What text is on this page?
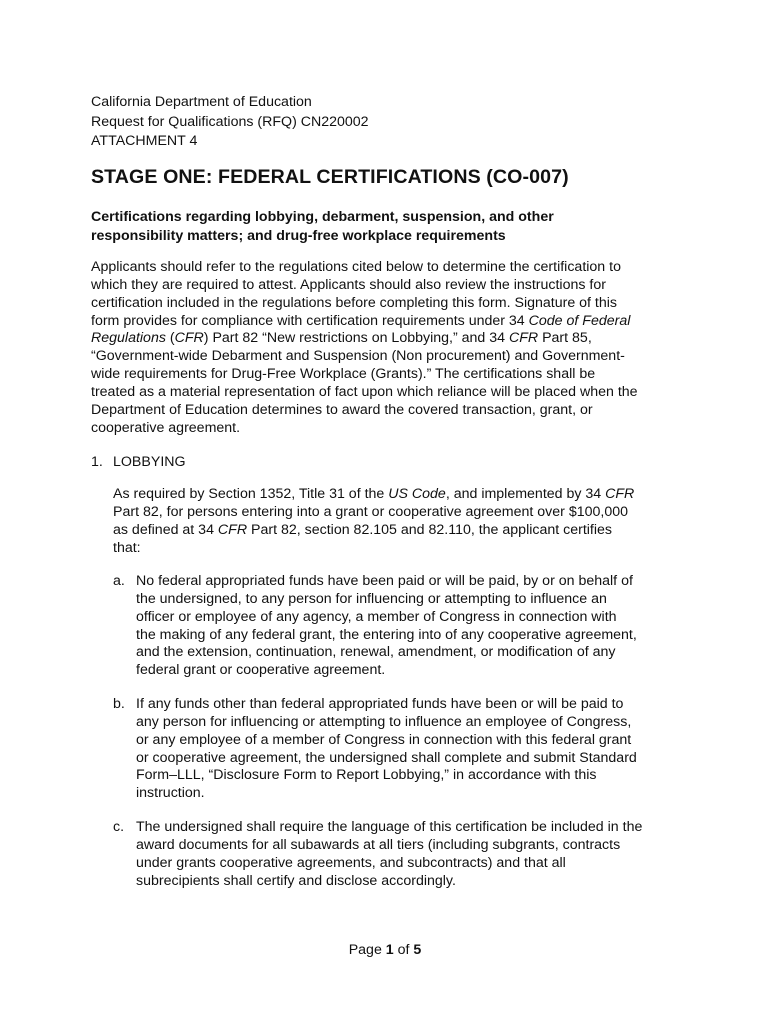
California Department of Education
Request for Qualifications (RFQ) CN220002
ATTACHMENT 4
STAGE ONE: FEDERAL CERTIFICATIONS (CO-007)
Certifications regarding lobbying, debarment, suspension, and other
responsibility matters; and drug-free workplace requirements
Applicants should refer to the regulations cited below to determine the certification to
which they are required to attest. Applicants should also review the instructions for
certification included in the regulations before completing this form. Signature of this
form provides for compliance with certification requirements under 34 Code of Federal
Regulations (CFR) Part 82 “New restrictions on Lobbying,” and 34 CFR Part 85,
“Government-wide Debarment and Suspension (Non procurement) and Government-
wide requirements for Drug-Free Workplace (Grants).” The certifications shall be
treated as a material representation of fact upon which reliance will be placed when the
Department of Education determines to award the covered transaction, grant, or
cooperative agreement.
1. LOBBYING
As required by Section 1352, Title 31 of the US Code, and implemented by 34 CFR
Part 82, for persons entering into a grant or cooperative agreement over $100,000
as defined at 34 CFR Part 82, section 82.105 and 82.110, the applicant certifies
that:
a. No federal appropriated funds have been paid or will be paid, by or on behalf of
the undersigned, to any person for influencing or attempting to influence an
officer or employee of any agency, a member of Congress in connection with
the making of any federal grant, the entering into of any cooperative agreement,
and the extension, continuation, renewal, amendment, or modification of any
federal grant or cooperative agreement.
b. If any funds other than federal appropriated funds have been or will be paid to
any person for influencing or attempting to influence an employee of Congress,
or any employee of a member of Congress in connection with this federal grant
or cooperative agreement, the undersigned shall complete and submit Standard
Form–LLL, “Disclosure Form to Report Lobbying,” in accordance with this
instruction.
c. The undersigned shall require the language of this certification be included in the
award documents for all subawards at all tiers (including subgrants, contracts
under grants cooperative agreements, and subcontracts) and that all
subrecipients shall certify and disclose accordingly.
Page 1 of 5
